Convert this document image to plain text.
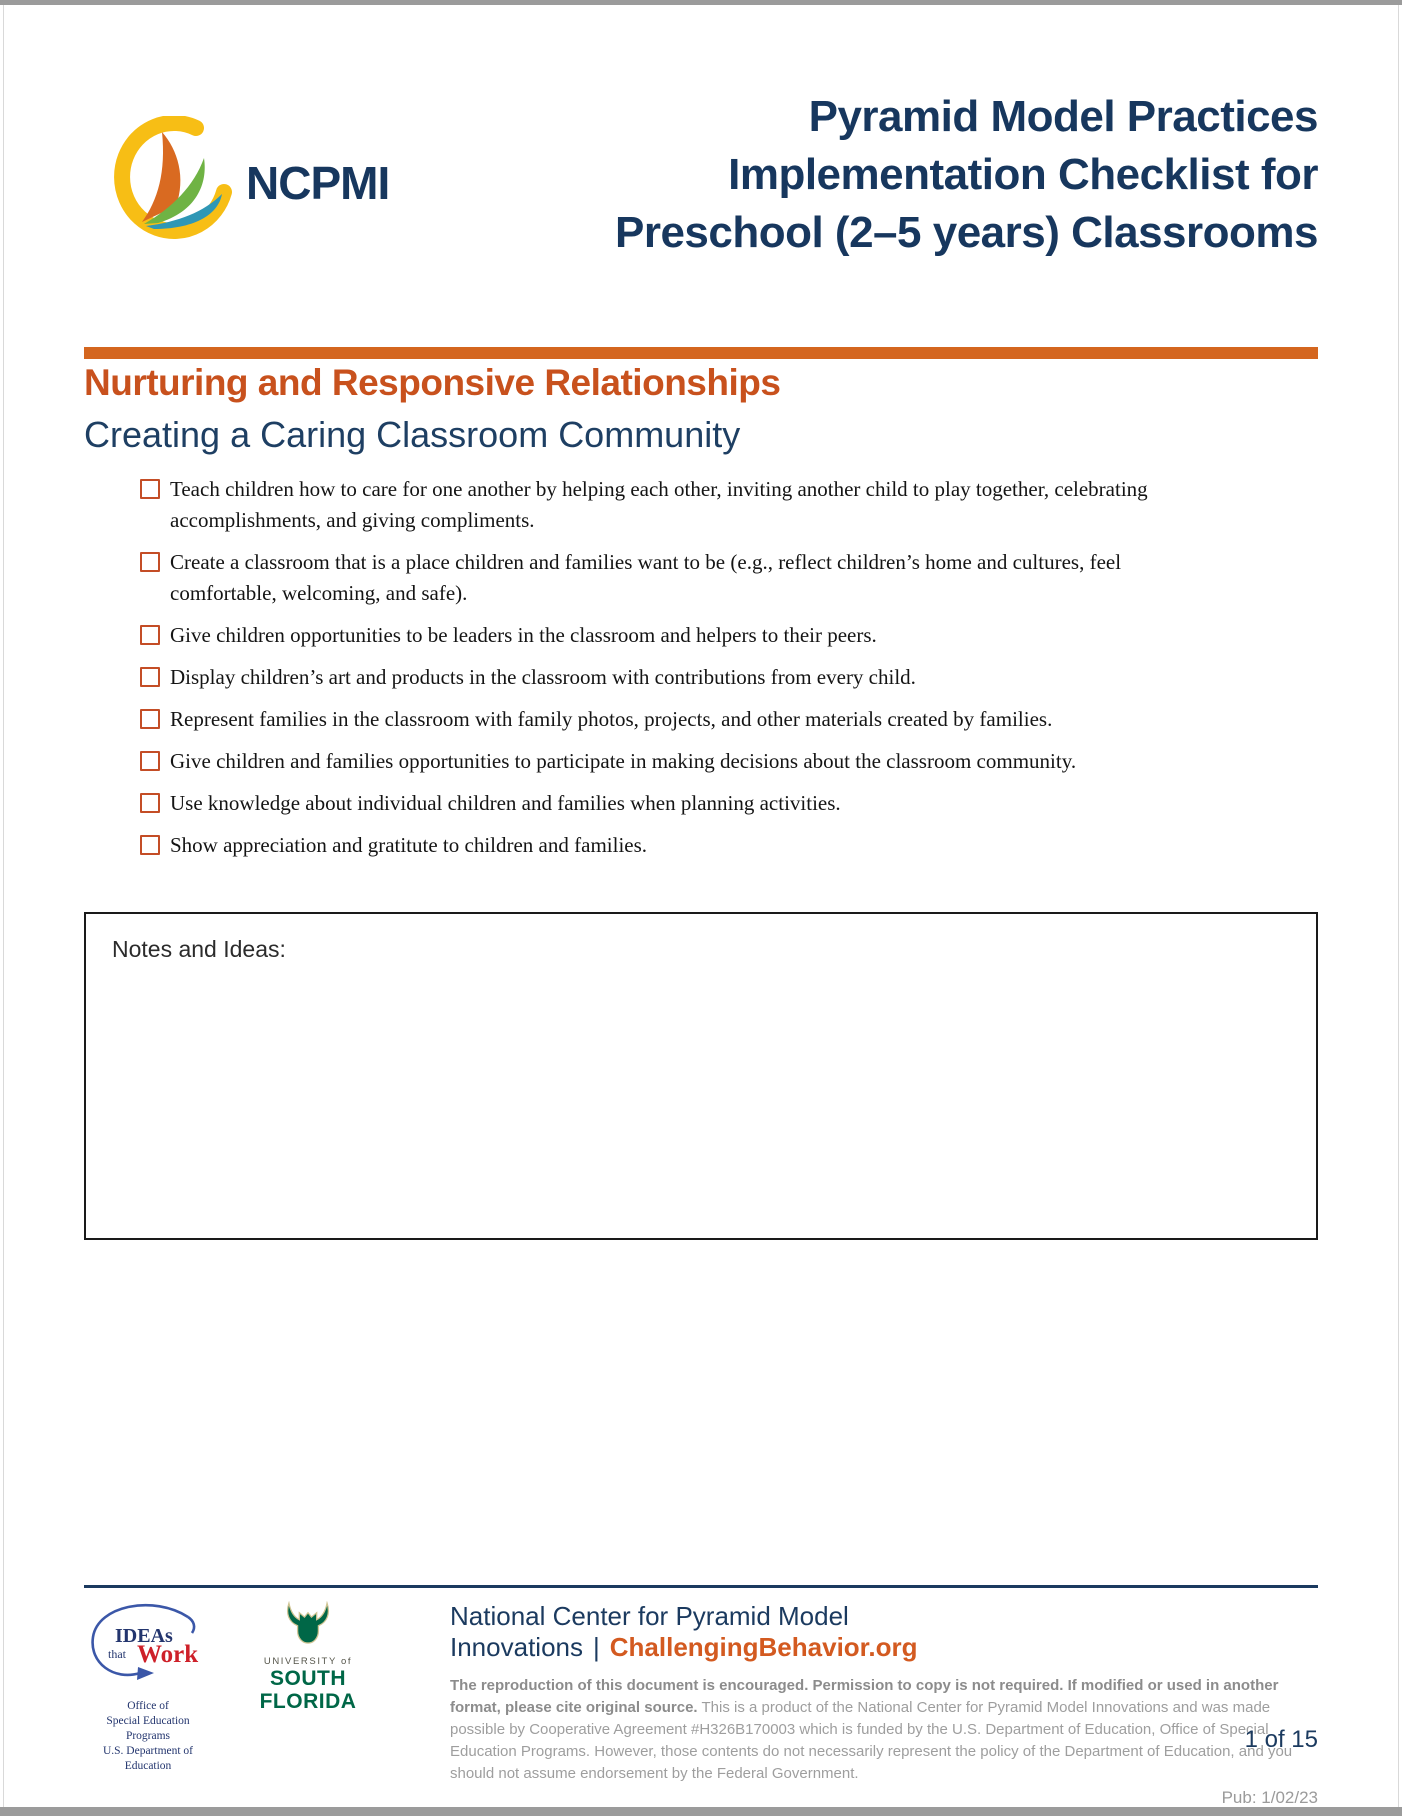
NCPMI
Pyramid Model Practices
Implementation Checklist for
Preschool (2–5 years) Classrooms
Nurturing and Responsive Relationships
Creating a Caring Classroom Community
Teach children how to care for one another by helping each other, inviting another child to play together, celebrating accomplishments, and giving compliments.
Create a classroom that is a place children and families want to be (e.g., reflect children’s home and cultures, feel comfortable, welcoming, and safe).
Give children opportunities to be leaders in the classroom and helpers to their peers.
Display children’s art and products in the classroom with contributions from every child.
Represent families in the classroom with family photos, projects, and other materials created by families.
Give children and families opportunities to participate in making decisions about the classroom community.
Use knowledge about individual children and families when planning activities.
Show appreciation and gratitute to children and families.
Notes and Ideas:
IDEAs
that Work
Office of
Special Education Programs
U.S. Department of Education
UNIVERSITY of
SOUTH
FLORIDA
National Center for Pyramid Model Innovations | ChallengingBehavior.org
The reproduction of this document is encouraged. Permission to copy is not required. If modified or used in another format, please cite original source. This is a product of the National Center for Pyramid Model Innovations and was made possible by Cooperative Agreement #H326B170003 which is funded by the U.S. Department of Education, Office of Special Education Programs. However, those contents do not necessarily represent the policy of the Department of Education, and you should not assume endorsement by the Federal Government.
Pub: 1/02/23
1 of 15
